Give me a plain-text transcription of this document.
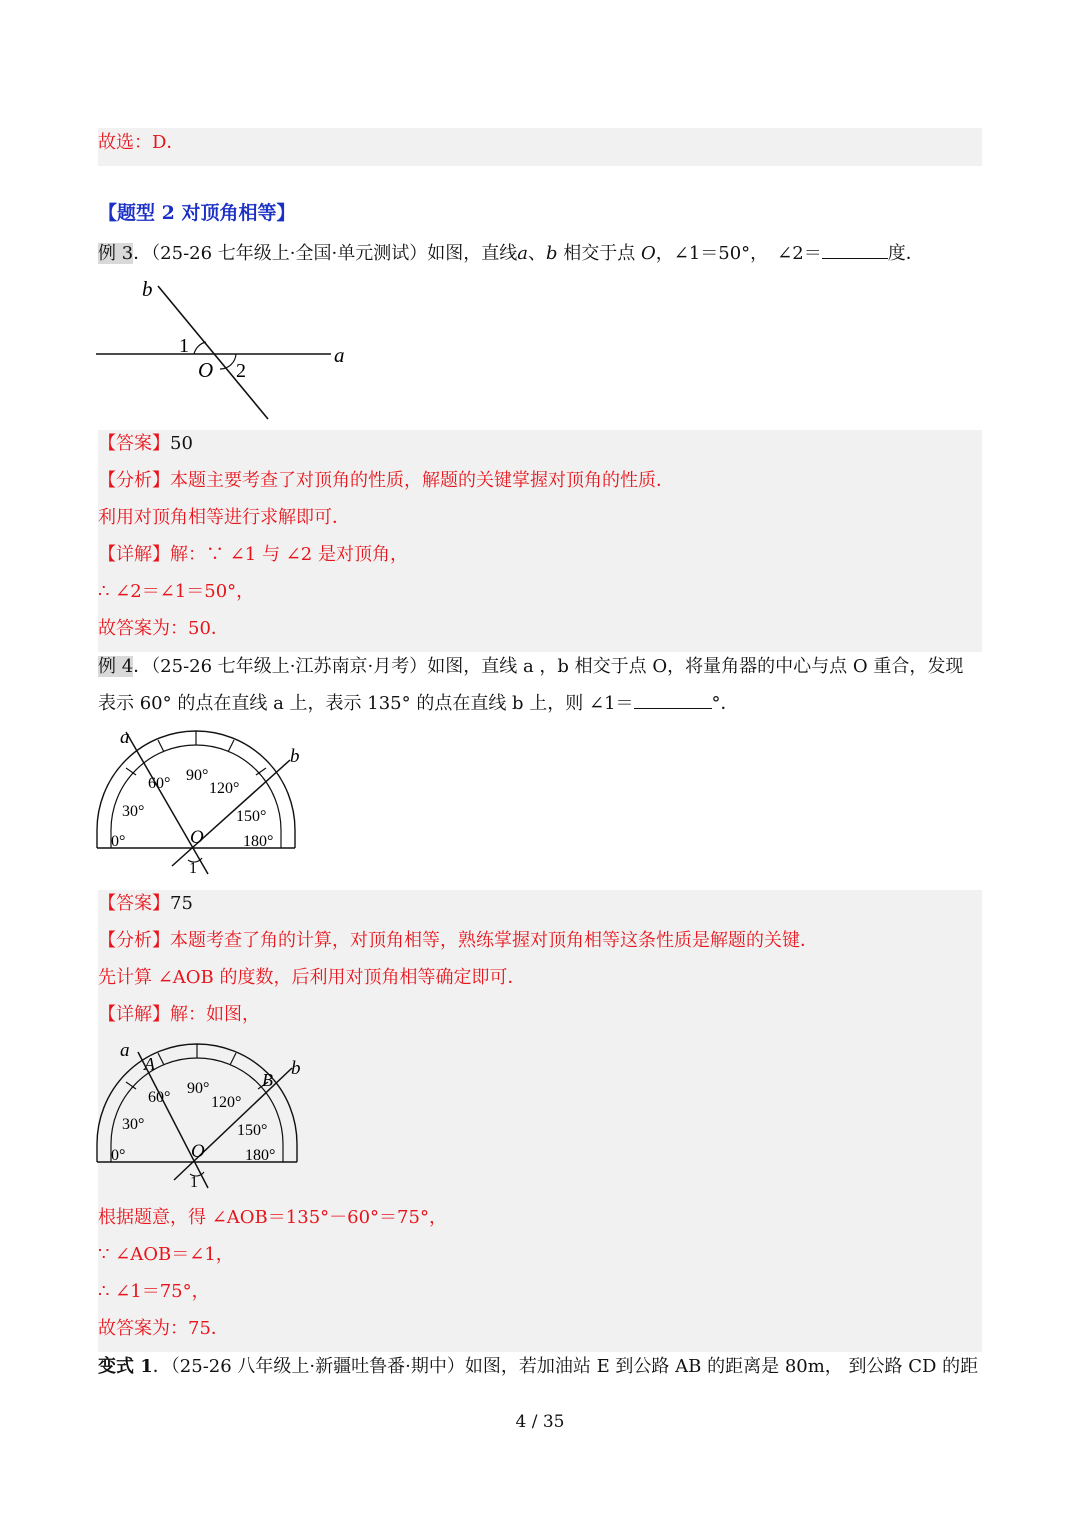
故选：D．
【题型 2 对顶角相等】
例 3．（25-26 七年级上·全国·单元测试）如图，直线a、b 相交于点 O，∠1＝50°，　∠2＝	度．
b
a
1
O 2
【答案】50
【分析】本题主要考查了对顶角的性质，解题的关键掌握对顶角的性质．
利用对顶角相等进行求解即可．
【详解】解：∵ ∠1 与 ∠2 是对顶角，
∴ ∠2＝∠1＝50°，
故答案为：50．
例 4．（25-26 七年级上·江苏南京·月考）如图，直线 a ，b 相交于点 O，将量角器的中心与点 O 重合，发现
表示 60° 的点在直线 a 上，表示 135° 的点在直线 b 上，则 ∠1＝	°．
a
b
O
1
0°
30°
60° 90°
120°
150°
180°
【答案】75
【分析】本题考查了角的计算，对顶角相等，熟练掌握对顶角相等这条性质是解题的关键．
先计算 ∠AOB 的度数，后利用对顶角相等确定即可．
【详解】解：如图，
a
b
A
B
O
1
0°
30°
60°
90°
120°
150°
180°
根据题意，得 ∠AOB＝135°－60°＝75°，
∵ ∠AOB＝∠1，
∴ ∠1＝75°，
故答案为：75．
变式 1．（25-26 八年级上·新疆吐鲁番·期中）如图，若加油站 E 到公路 AB 的距离是 80m， 到公路 CD 的距
4 / 35
